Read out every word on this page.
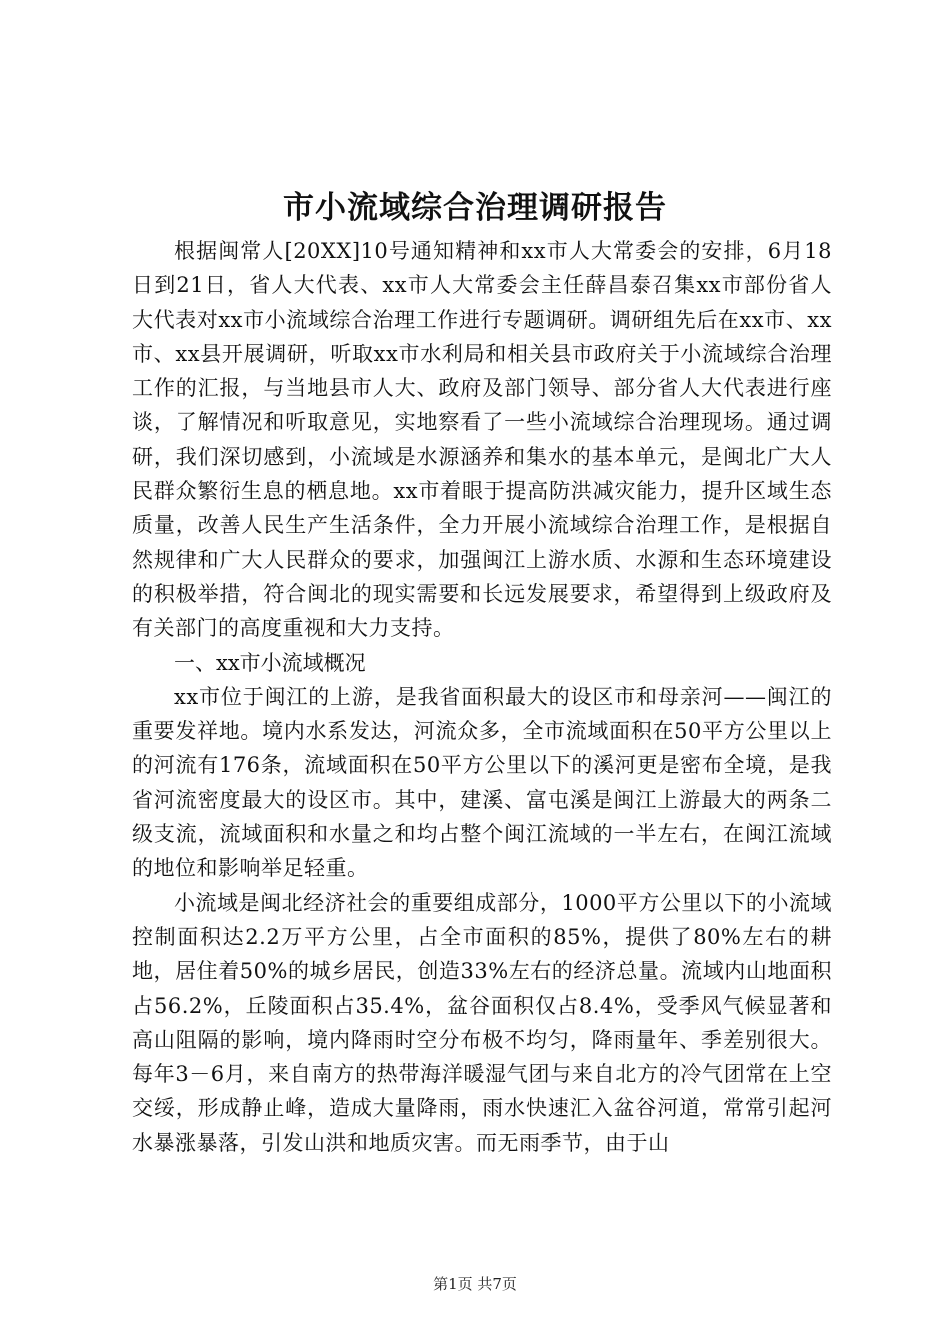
市小流域综合治理调研报告

根据闽常人[20XX]10号通知精神和xx市人大常委会的安排，6月18日到21日，省人大代表、xx市人大常委会主任薛昌泰召集xx市部份省人大代表对xx市小流域综合治理工作进行专题调研。调研组先后在xx市、xx市、xx县开展调研，听取xx市水利局和相关县市政府关于小流域综合治理工作的汇报，与当地县市人大、政府及部门领导、部分省人大代表进行座谈，了解情况和听取意见，实地察看了一些小流域综合治理现场。通过调研，我们深切感到，小流域是水源涵养和集水的基本单元，是闽北广大人民群众繁衍生息的栖息地。xx市着眼于提高防洪减灾能力，提升区域生态质量，改善人民生产生活条件，全力开展小流域综合治理工作，是根据自然规律和广大人民群众的要求，加强闽江上游水质、水源和生态环境建设的积极举措，符合闽北的现实需要和长远发展要求，希望得到上级政府及有关部门的高度重视和大力支持。

一、xx市小流域概况

xx市位于闽江的上游，是我省面积最大的设区市和母亲河——闽江的重要发祥地。境内水系发达，河流众多，全市流域面积在50平方公里以上的河流有176条，流域面积在50平方公里以下的溪河更是密布全境，是我省河流密度最大的设区市。其中，建溪、富屯溪是闽江上游最大的两条二级支流，流域面积和水量之和均占整个闽江流域的一半左右，在闽江流域的地位和影响举足轻重。

小流域是闽北经济社会的重要组成部分，1000平方公里以下的小流域控制面积达2.2万平方公里，占全市面积的85%，提供了80%左右的耕地，居住着50%的城乡居民，创造33%左右的经济总量。流域内山地面积占56.2%，丘陵面积占35.4%，盆谷面积仅占8.4%，受季风气候显著和高山阻隔的影响，境内降雨时空分布极不均匀，降雨量年、季差别很大。每年3－6月，来自南方的热带海洋暖湿气团与来自北方的冷气团常在上空交绥，形成静止峰，造成大量降雨，雨水快速汇入盆谷河道，常常引起河水暴涨暴落，引发山洪和地质灾害。而无雨季节，由于山

第1页 共7页
